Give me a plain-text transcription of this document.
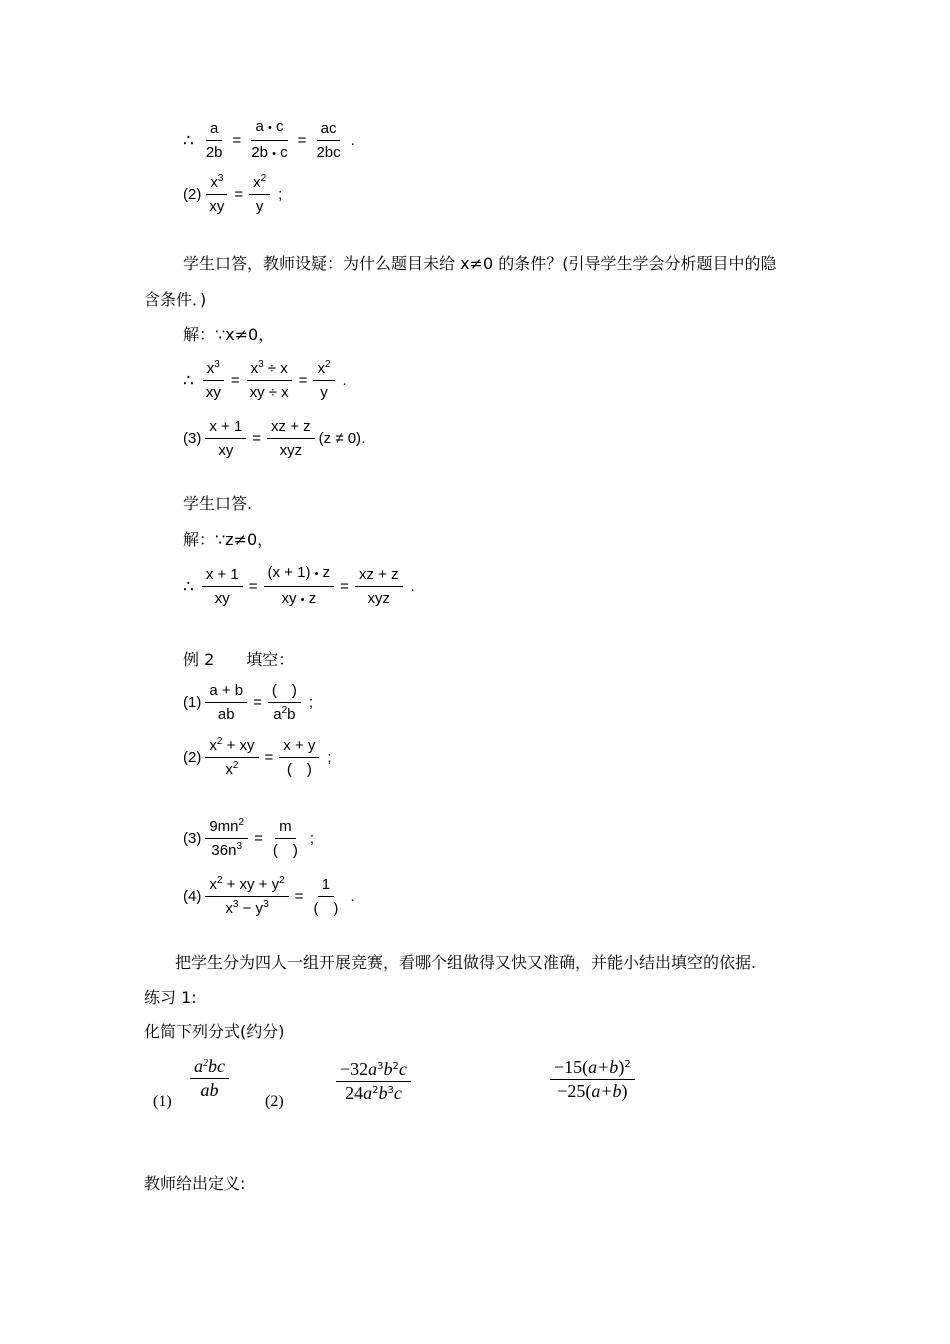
∴ $\frac{a}{2b} = \frac{a • c}{2b • c} = \frac{ac}{2bc}$ .
$(2) \frac{x^3}{xy} = \frac{x^2}{y}$ ;
学生口答，教师设疑：为什么题目未给 x≠0 的条件？(引导学生学会分析题目中的隐
含条件．)
解：∵x≠0，
∴ $\frac{x^3}{xy} = \frac{x^3 \div x}{xy \div x} = \frac{x^2}{y}$ .
$(3) \frac{x + 1}{xy} = \frac{xz + z}{\text{xyz}} (z \ne 0)$ .
学生口答.
解：∵z≠0，
∴ $\frac{x + 1}{xy} = \frac{(x + 1) • z}{xy • z} = \frac{xz + z}{\text{xyz}}$ .
例 2　　填空：
$(1) \frac{a + b}{ab} = \frac{( )}{a^2b}$ ;
$(2) \frac{x^2 + xy}{x^2} = \frac{x + y}{( )}$ ;
$(3) \frac{9mn^2}{36n^3} = \frac{m}{( )}$ ;
$(4) \frac{x^2 + xy + y^2}{x^3 - y^3} = \frac{1}{( )}$ .
把学生分为四人一组开展竞赛，看哪个组做得又快又准确，并能小结出填空的依据.
练习 1:
化简下列分式(约分)
(1)
$\frac{a^2bc}{ab}$
(2)	$\frac{-32a^3b^2c}{24a^2b^3c}$	$\frac{-15(a+b)^2}{-25(a+b)}$
教师给出定义:
